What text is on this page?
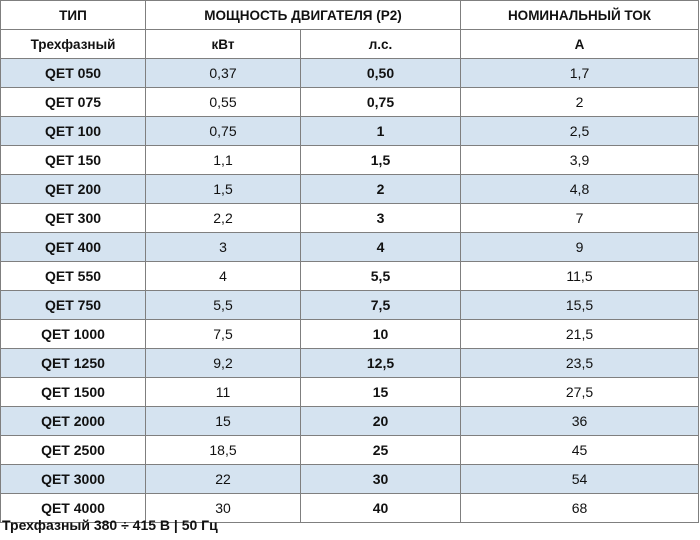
ТИП	МОЩНОСТЬ ДВИГАТЕЛЯ (P2)		НОМИНАЛЬНЫЙ ТОК
Трехфазный	кВт	л.с.	А
QET 050	0,37	0,50	1,7
QET 075	0,55	0,75	2
QET 100	0,75	1	2,5
QET 150	1,1	1,5	3,9
QET 200	1,5	2	4,8
QET 300	2,2	3	7
QET 400	3	4	9
QET 550	4	5,5	11,5
QET 750	5,5	7,5	15,5
QET 1000	7,5	10	21,5
QET 1250	9,2	12,5	23,5
QET 1500	11	15	27,5
QET 2000	15	20	36
QET 2500	18,5	25	45
QET 3000	22	30	54
QET 4000	30	40	68
Трехфазный 380 ÷ 415 В | 50 Гц
